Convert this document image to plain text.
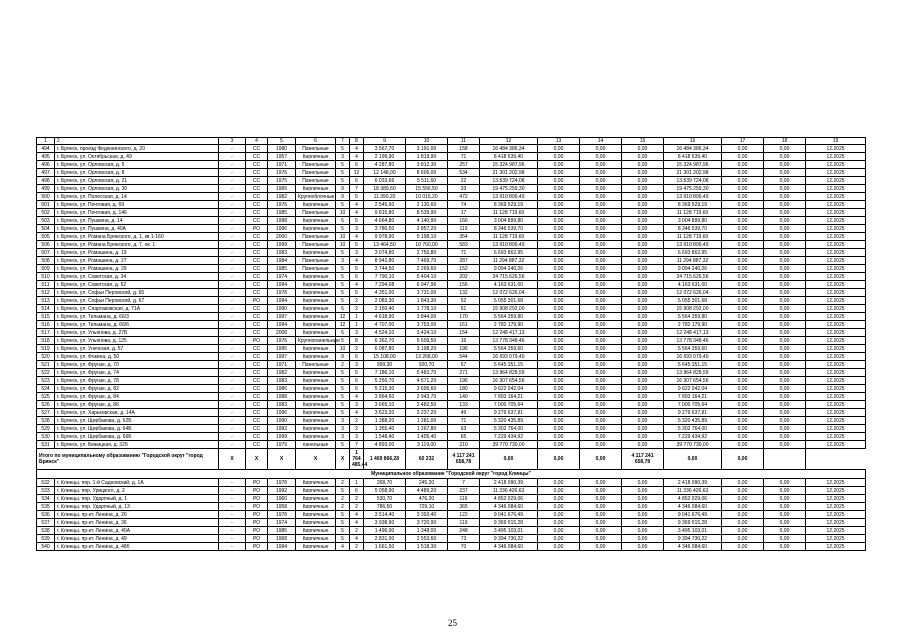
1	2	3	4	5	6	7	8	9	10	11	12	13	14	15	16	17	18	19
494	г. Брянск, проезд Федюнинского, д. 20	-	СС	1980	Панельные	5	4	3 567,70	3 191,00	158	16 484 386,34	0,00	0,00	0,00	16 484 386,34	0,00	0,00	12.2025
495	г. Брянск, ул. Октябрьская, д. 49	-	СС	1957	Кирпичные	3	4	2 199,90	1 819,90	71	8 418 639,40	0,00	0,00	0,00	8 418 639,40	0,00	0,00	12.2025
496	г. Брянск, ул. Орловская, д. 5	-	СС	1971	Панельные	5	6	4 287,80	3 812,30	257	15 324 987,96	0,00	0,00	0,00	15 324 987,96	0,00	0,00	12.2025
497	г. Брянск, ул. Орловская, д. 8	-	СС	1976	Панельные	5	12	12 148,00	8 606,00	534	21 301 202,98	0,00	0,00	0,00	21 301 202,98	0,00	0,00	12.2025
498	г. Брянск, ул. Орловская, д. 21	-	СС	1975	Панельные	5	6	6 033,66	5 511,60	22	13 539 724,08	0,00	0,00	0,00	13 539 724,08	0,00	0,00	12.2025
499	г. Брянск, ул. Орловская, д. 30	-	СС	1965	Кирпичные	9	7	18 389,60	15 556,50	33	19 475 259,30	0,00	0,00	0,00	19 475 259,30	0,00	0,00	12.2025
500	г. Брянск, ул. Полесская, д. 14	-	СС	1982	Крупноблочные	9	5	11 390,20	10 015,20	472	13 910 899,49	0,00	0,00	0,00	13 910 899,49	0,00	0,00	12.2025
501	г. Брянск, ул. Почтовая, д. 69	-	СС	1976	Кирпичные	5	4	2 545,60	2 130,60	74	8 369 529,19	0,00	0,00	0,00	8 369 529,19	0,00	0,00	12.2025
502	г. Брянск, ул. Почтовая, д. 146	-	СС	1985	Панельные	10	4	9 815,80	8 539,90	17	11 128 719,60	0,00	0,00	0,00	11 128 719,60	0,00	0,00	12.2025
503	г. Брянск, ул. Пушкина, д. 14	-	СС	1998	Кирпичные	6	5	4 664,80	4 140,90	166	3 004 899,80	0,00	0,00	0,00	3 004 899,80	0,00	0,00	12.2025
504	г. Брянск, ул. Пушкина, д. 40А	-	РО	1996	Кирпичные	5	3	3 780,50	2 857,20	119	8 346 539,70	0,00	0,00	0,00	8 346 539,70	0,00	0,00	12.2025
505	г. Брянск, ул. Романа Брянского, д. 1, кв 1-160	-	СС	2000	Панельные	10	4	9 978,90	5 198,10	354	11 128 719,60	0,00	0,00	0,00	11 128 719,60	0,00	0,00	12.2025
506	г. Брянск, ул. Романа Брянского, д. 7, ок. 1	-	СС	1999	Панельные	10	5	13 464,50	10 760,00	583	13 910 899,49	0,00	0,00	0,00	13 910 899,49	0,00	0,00	12.2025
507	г. Брянск, ул. Ромашина, д. 19	-	СС	1983	Кирпичные	5	3	3 074,80	2 750,80	71	6 693 862,95	0,00	0,00	0,00	6 693 862,95	0,00	0,00	12.2025
508	г. Брянск, ул. Ромашина, д. 27	-	СС	1984	Панельные	3	4	8 942,80	7 469,70	287	11 294 887,32	0,00	0,00	0,00	11 294 887,32	0,00	0,00	12.2025
509	г. Брянск, ул. Ромашина, д. 29	-	СС	1985	Панельные	5	5	3 744,50	2 269,60	152	9 094 240,26	0,00	0,00	0,00	9 094 240,26	0,00	0,00	12.2025
510	г. Брянск, ул. Советская, д. 34	-	СС	1974	Кирпичные	5	6	7 790,10	5 404,10	202	24 715 626,56	0,00	0,00	0,00	24 715 626,56	0,00	0,00	12.2025
511	г. Брянск, ул. Советская, д. 52	-	СС	1994	Кирпичные	5	4	7 294,08	6 947,96	156	4 163 631,00	0,00	0,00	0,00	4 163 631,00	0,00	0,00	12.2025
512	г. Брянск, ул. Софьи Перовской, д. 65	-	СС	1978	Кирпичные	5	5	4 351,00	3 731,00	132	12 072 626,04	0,00	0,00	0,00	12 072 626,04	0,00	0,00	12.2025
513	г. Брянск, ул. Софьи Перовской, д. 67	-	РО	1994	Кирпичные	5	2	2 083,30	1 843,30	52	5 055 301,68	0,00	0,00	0,00	5 055 301,68	0,00	0,00	12.2025
514	г. Брянск, ул. Спартаковская, д. 71А	-	СС	1990	Кирпичные	6	2	2 150,40	1 778,10	51	15 908 292,00	0,00	0,00	0,00	15 908 292,00	0,00	0,00	12.2025
515	г. Брянск, ул. Тельмана, д. 66/3	-	СС	1997	Кирпичные	12	1	4 618,90	3 844,00	170	5 564 359,80	0,00	0,00	0,00	5 564 359,80	0,00	0,00	12.2025
516	г. Брянск, ул. Тельмана, д. 66/6	-	СС	1994	Кирпичные	12	1	4 707,00	3 753,00	161	2 782 179,90	0,00	0,00	0,00	2 782 179,90	0,00	0,00	12.2025
517	г. Брянск, ул. Ульянова, д. 27Б	-	СС	2008	Кирпичные	6	3	4 524,10	3 424,10	154	12 248 417,13	0,00	0,00	0,00	12 248 417,13	0,00	0,00	12.2025
518	г. Брянск, ул. Ульянова, д. 125	-	РО	1976	Крупнопанельные	5	8	6 362,70	5 609,50	16	13 778 348,46	0,00	0,00	0,00	13 778 348,46	0,00	0,00	12.2025
519	г. Брянск, ул. Унечская, д. 57	-	СС	1995	Кирпичные	10	2	6 087,80	3 198,20	196	5 564 359,60	0,00	0,00	0,00	5 564 359,60	0,00	0,00	12.2025
520	г. Брянск, ул. Фокина, д. 50	-	СС	1997	Кирпичные	9	6	15 108,00	13 268,00	544	16 693 079,40	0,00	0,00	0,00	16 693 079,40	0,00	0,00	12.2025
521	г. Брянск, ул. Фрунзе, д. 70	-	СС	1971	Панельные	2	3	999,30	920,70	57	5 645 351,15	0,00	0,00	0,00	5 645 351,15	0,00	0,00	12.2025
522	г. Брянск, ул. Фрунзе, д. 74	-	СС	1982	Кирпичные	5	5	7 186,10	5 483,70	271	13 964 828,59	0,00	0,00	0,00	13 964 828,59	0,00	0,00	12.2025
523	г. Брянск, ул. Фрунзе, д. 78	-	СС	1983	Кирпичные	5	6	5 250,70	4 571,20	196	16 307 654,56	0,00	0,00	0,00	16 307 654,56	0,00	0,00	12.2025
524	г. Брянск, ул. Фрунзе, д. 82	-	СС	1986	Кирпичные	5	6	5 215,30	3 695,60	180	9 622 042,04	0,00	0,00	0,00	9 622 042,04	0,00	0,00	12.2025
525	г. Брянск, ул. Фрунзе, д. 84	-	СС	1988	Кирпичные	5	4	3 864,60	2 943,70	140	7 893 164,21	0,00	0,00	0,00	7 893 164,21	0,00	0,00	12.2025
526	г. Брянск, ул. Фрунзе, д. 86	-	СС	1983	Кирпичные	5	3	3 665,10	2 482,50	133	7 000 705,64	0,00	0,00	0,00	7 000 705,64	0,00	0,00	12.2025
527	г. Брянск, ул. Харьковская, д. 14А	-	СС	1996	Кирпичные	5	4	3 623,20	3 237,20	49	9 279 637,81	0,00	0,00	0,00	9 279 637,81	0,00	0,00	12.2025
528	г. Брянск, ул. Щербакова, д. 62Б	-	СС	1990	Кирпичные	3	2	1 388,20	1 281,00	71	5 320 435,89	0,00	0,00	0,00	5 320 435,89	0,00	0,00	12.2025
529	г. Брянск, ул. Щербакова, д. 64Б	-	СС	1992	Кирпичные	3	2	1 355,40	1 267,80	63	5 302 764,00	0,00	0,00	0,00	5 302 764,00	0,00	0,00	12.2025
530	г. Брянск, ул. Щербакова, д. 66Б	-	СС	1999	Кирпичные	3	3	1 548,40	1 405,40	65	7 229 434,92	0,00	0,00	0,00	7 229 434,92	0,00	0,00	12.2025
531	г. Брянск, ул. Бежицкая, д. 329	-	СС	1979	панельные	5	7	4 893,00	3 119,00	210	39 770 730,00	0,00	0,00	0,00	39 770 730,00	0,00	0,00	12.2025
Итого по муниципальному образованию "Городской округ "город Брянск"		X	X	X	X	X	1 764 485,44	1 469 866,28	60 232	4 117 241 658,78	0,00	0,00	0,00	4 117 241 658,78	0,00	0,00		
Муниципальное образование "Городской округ "город Клинцы"																		
532	г. Клинцы, пер. 1-й Садновский, д. 1А	-	РО	1978	Кирпичные	2	1	268,70	245,20	7	2 418 090,39	0,00	0,00	0,00	2 418 090,39	0,00	0,00	12.2025
533	г. Клинцы, пер. Урицкого, д. 2	-	РО	1992	Кирпичные	5	6	5 058,90	4 489,20	237	11 336 426,63	0,00	0,00	0,00	11 336 426,63	0,00	0,00	12.2025
534	г. Клинцы, пер. Ударпный, д. 1	-	РО	1960	Кирпичные	2	2	530,70	476,20	116	4 852 029,06	0,00	0,00	0,00	4 852 029,06	0,00	0,00	12.2025
535	г. Клинцы, пер. Ударпный, д. 13	-	РО	1958	Кирпичные	2	2	786,50	729,10	365	4 346 084,60	0,00	0,00	0,00	4 346 084,60	0,00	0,00	12.2025
536	г. Клинцы, пр-кт. Ленина, д. 20	-	РО	1978	Кирпичные	5	4	3 514,40	3 393,40	122	9 041 676,49	0,00	0,00	0,00	9 041 676,49	0,00	0,00	12.2025
537	г. Клинцы, пр-кт. Ленина, д. 36	-	РО	1974	Кирпичные	5	4	3 938,90	3 720,90	119	9 369 015,28	0,00	0,00	0,00	9 369 015,28	0,00	0,00	12.2025
538	г. Клинцы, пр-кт. Ленина, д. 40А	-	РО	1985	Кирпичные	5	2	1 496,00	1 348,00	248	3 495 103,01	0,00	0,00	0,00	3 495 103,01	0,00	0,00	12.2025
539	г. Клинцы, пр-кт. Ленина, д. 49	-	РО	1968	Кирпичные	5	4	2 831,00	2 553,60	73	9 394 730,22	0,00	0,00	0,00	9 394 730,22	0,00	0,00	12.2025
540	г. Клинцы, пр-кт. Ленина, д. 48б	-	РО	1994	Кирпичные	4	2	1 661,50	1 518,30	70	4 346 084,60	0,00	0,00	0,00	4 346 084,60	0,00	0,00	12.2025
25
